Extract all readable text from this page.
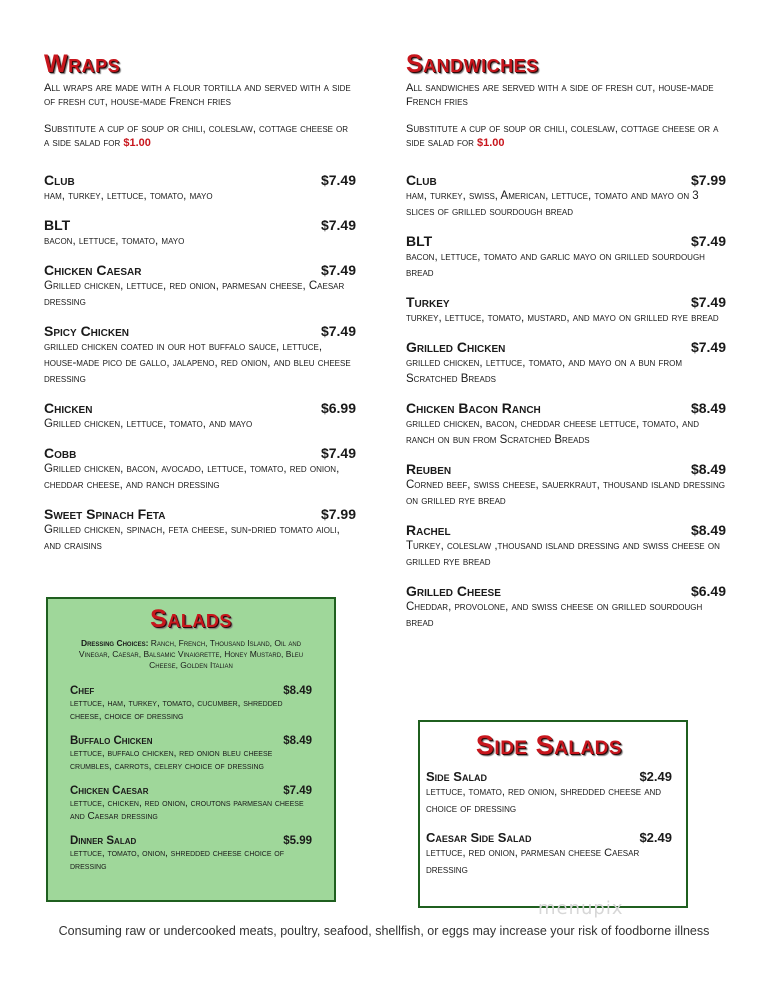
Wraps

All wraps are made with a flour tortilla and served with a side of fresh cut, house-made French fries

Substitute a cup of soup or chili, coleslaw, cottage cheese or a side salad for $1.00

Club	$7.49
ham, turkey, lettuce, tomato, mayo
BLT	$7.49
bacon, lettuce, tomato, mayo
Chicken Caesar	$7.49
Grilled chicken, lettuce, red onion, parmesan cheese, Caesar dressing
Spicy Chicken	$7.49
grilled chicken coated in our hot buffalo sauce, lettuce, house-made pico de gallo, jalapeno, red onion, and bleu cheese dressing
Chicken	$6.99
Grilled chicken, lettuce, tomato, and mayo
Cobb	$7.49
Grilled chicken, bacon, avocado, lettuce, tomato, red onion, cheddar cheese, and ranch dressing
Sweet Spinach Feta	$7.99
Grilled chicken, spinach, feta cheese, sun-dried tomato aioli, and craisins
Salads
Dressing Choices: Ranch, French, Thousand Island, Oil and Vinegar, Caesar, Balsamic Vinaigrette, Honey Mustard, Bleu Cheese, Golden Italian
Chef	$8.49
lettuce, ham, turkey, tomato, cucumber, shredded cheese, choice of dressing
Buffalo Chicken	$8.49
lettuce, buffalo chicken, red onion bleu cheese crumbles, carrots, celery choice of dressing
Chicken Caesar	$7.49
lettuce, chicken, red onion, croutons parmesan cheese and Caesar dressing
Dinner Salad	$5.99
lettuce, tomato, onion, shredded cheese choice of dressing
Sandwiches

All sandwiches are served with a side of fresh cut, house-made French fries

Substitute a cup of soup or chili, coleslaw, cottage cheese or a side salad for $1.00

Club	$7.99
ham, turkey, swiss, American, lettuce, tomato and mayo on 3 slices of grilled sourdough bread
BLT	$7.49
bacon, lettuce, tomato and garlic mayo on grilled sourdough bread
Turkey	$7.49
turkey, lettuce, tomato, mustard, and mayo on grilled rye bread
Grilled Chicken	$7.49
grilled chicken, lettuce, tomato, and mayo on a bun from Scratched Breads
Chicken Bacon Ranch	$8.49
grilled chicken, bacon, cheddar cheese lettuce, tomato, and ranch on bun from Scratched Breads
Reuben	$8.49
Corned beef, swiss cheese, sauerkraut, thousand island dressing on grilled rye bread
Rachel	$8.49
Turkey, coleslaw ,thousand island dressing and swiss cheese on grilled rye bread
Grilled Cheese	$6.49
Cheddar, provolone, and swiss cheese on grilled sourdough bread
Side Salads
Side Salad	$2.49
lettuce, tomato, red onion, shredded cheese and choice of dressing
Caesar Side Salad	$2.49
lettuce, red onion, parmesan cheese Caesar dressing
menupix
Consuming raw or undercooked meats, poultry, seafood, shellfish, or eggs may increase your risk of foodborne illness
